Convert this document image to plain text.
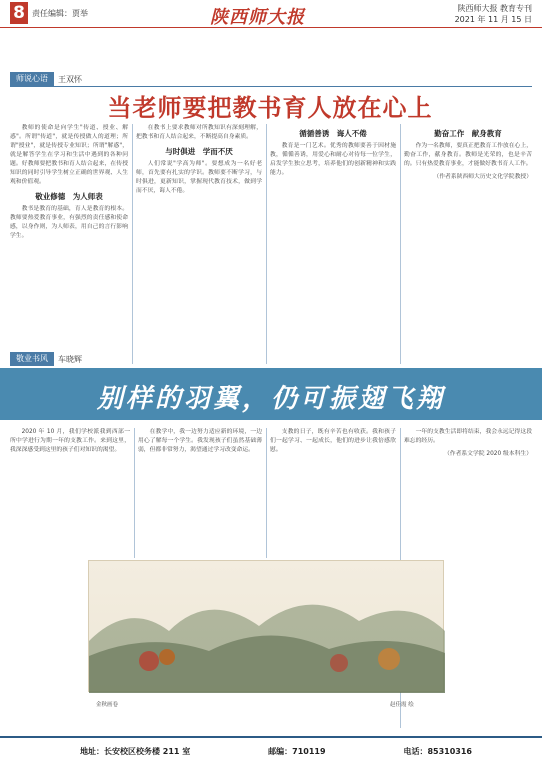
8 责任编辑：贾举	陕西师大报	陕西师大报 教育专刊
2021 年 11 月 15 日
师说心语	王双怀
当老师要把教书育人放在心上

教师的使命是向学生"传道、授业、解惑"。所谓"传道"，就是传授做人的道理；所谓"授业"，就是传授专业知识；所谓"解惑"，就是解答学生在学习和生活中遇到的各种问题。好教师要把教书和育人结合起来，在传授知识的同时引导学生树立正确的世界观、人生观和价值观。

敬业修德　为人师表

教书是教育的基础，育人是教育的根本。教师要热爱教育事业，有强烈的责任感和使命感，以身作则，为人师表，用自己的言行影响学生。

在教书上要求教师对所教知识有深刻理解，把教书和育人结合起来，不断提高自身素质。

与时俱进　学而不厌

人们常说"学高为师"。要想成为一名好老师，首先要有扎实的学识。教师要不断学习，与时俱进，更新知识，掌握现代教育技术，做到学而不厌，诲人不倦。

循循善诱　诲人不倦

教育是一门艺术。优秀的教师要善于因材施教，循循善诱，用爱心和耐心对待每一位学生，启发学生独立思考，培养他们的创新精神和实践能力。

勤奋工作　献身教育

作为一名教师，要真正把教育工作放在心上，勤奋工作，献身教育。教师是光荣的，也是辛苦的。只有热爱教育事业，才能做好教书育人工作。

（作者系陕西师大历史文化学院教授）

敬业书风	车晓辉
别样的羽翼，仍可振翅飞翔

2020 年 10 月，我们学校派我到西部一所中学进行为期一年的支教工作。来到这里，我深深感受到这里的孩子们对知识的渴望。

在教学中，我一边努力适应新的环境，一边用心了解每一个学生。我发现孩子们虽然基础薄弱，但都非常努力，渴望通过学习改变命运。

支教的日子，既有辛苦也有收获。我和孩子们一起学习、一起成长，他们的进步让我倍感欣慰。

一年的支教生活即将结束，我会永远记得这段难忘的经历。

（作者系文学院 2020 级本科生）

金秋画卷	赵佳霞 绘
地址：长安校区校务楼 211 室	邮编：710119	电话：85310316
